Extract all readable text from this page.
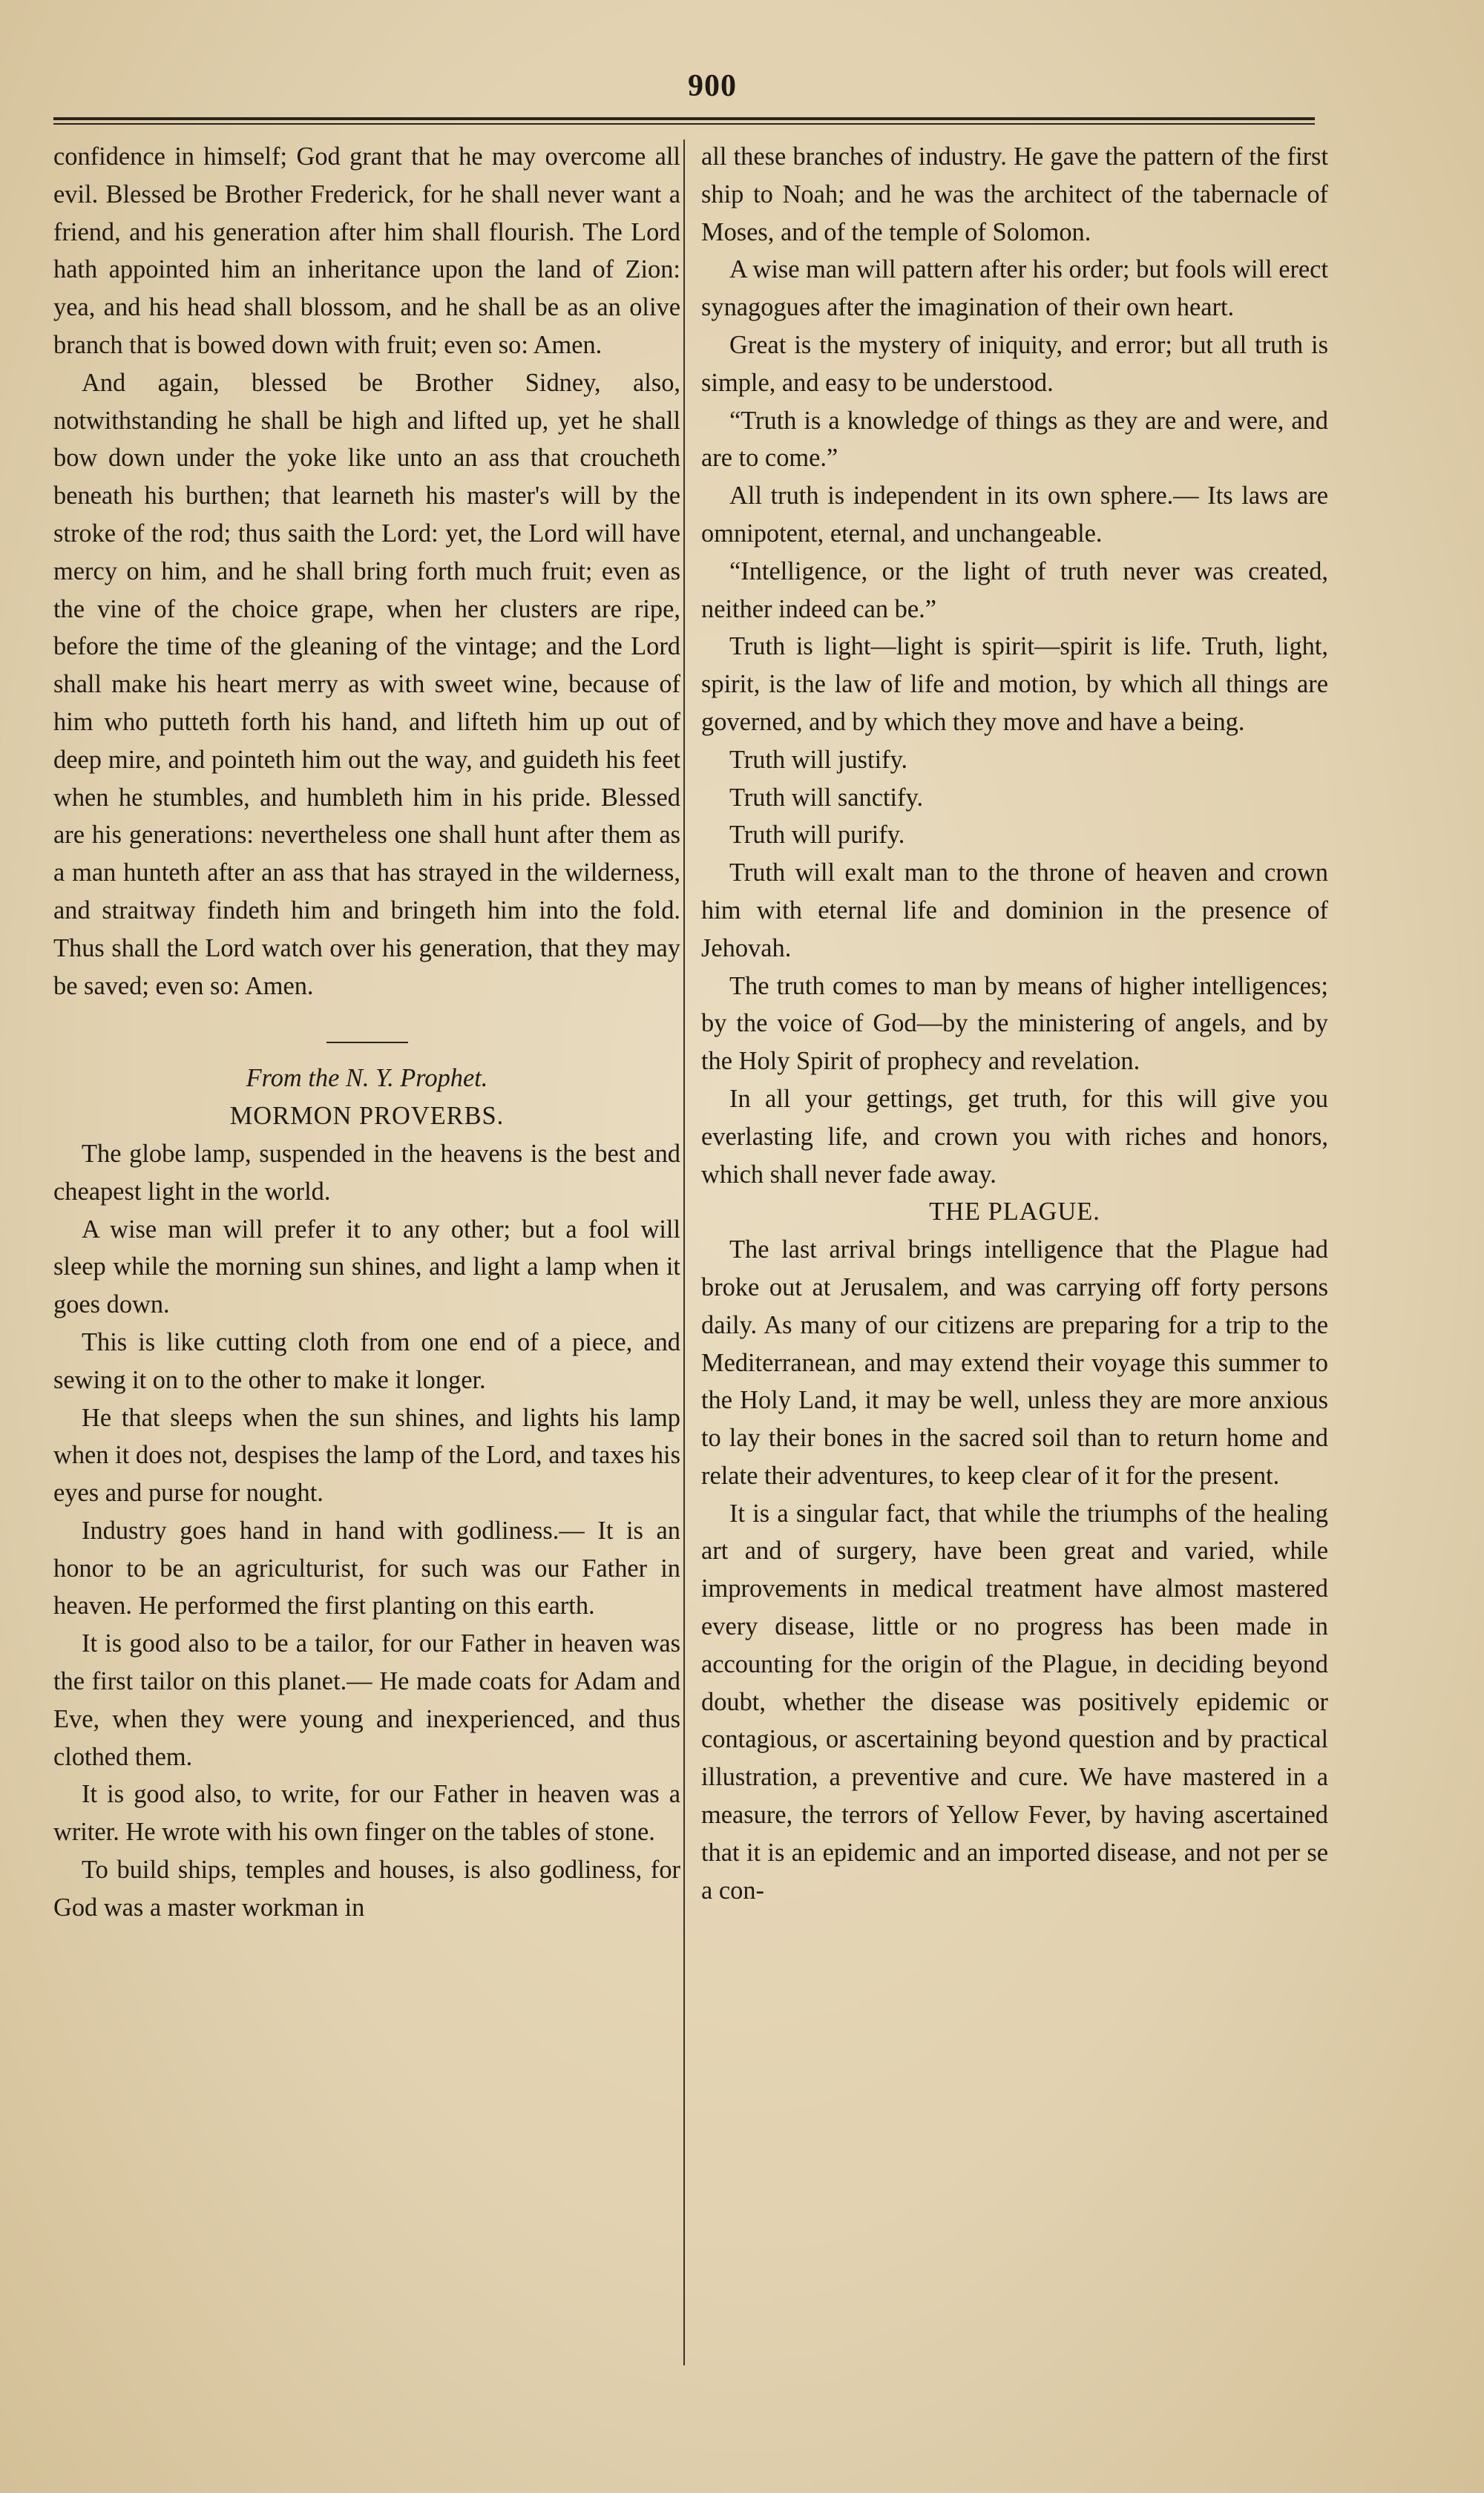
900

confidence in himself; God grant that he may overcome all evil. Blessed be Brother Frederick, for he shall never want a friend, and his generation after him shall flourish. The Lord hath appointed him an inheritance upon the land of Zion: yea, and his head shall blossom, and he shall be as an olive branch that is bowed down with fruit; even so: Amen.

And again, blessed be Brother Sidney, also, notwithstanding he shall be high and lifted up, yet he shall bow down under the yoke like unto an ass that croucheth beneath his burthen; that learneth his master's will by the stroke of the rod; thus saith the Lord: yet, the Lord will have mercy on him, and he shall bring forth much fruit; even as the vine of the choice grape, when her clusters are ripe, before the time of the gleaning of the vintage; and the Lord shall make his heart merry as with sweet wine, because of him who putteth forth his hand, and lifteth him up out of deep mire, and pointeth him out the way, and guideth his feet when he stumbles, and humbleth him in his pride. Blessed are his generations: nevertheless one shall hunt after them as a man hunteth after an ass that has strayed in the wilderness, and straitway findeth him and bringeth him into the fold. Thus shall the Lord watch over his generation, that they may be saved; even so: Amen.

From the N. Y. Prophet.

MORMON PROVERBS.

The globe lamp, suspended in the heavens is the best and cheapest light in the world.

A wise man will prefer it to any other; but a fool will sleep while the morning sun shines, and light a lamp when it goes down.

This is like cutting cloth from one end of a piece, and sewing it on to the other to make it longer.

He that sleeps when the sun shines, and lights his lamp when it does not, despises the lamp of the Lord, and taxes his eyes and purse for nought.

Industry goes hand in hand with godliness.— It is an honor to be an agriculturist, for such was our Father in heaven. He performed the first planting on this earth.

It is good also to be a tailor, for our Father in heaven was the first tailor on this planet.— He made coats for Adam and Eve, when they were young and inexperienced, and thus clothed them.

It is good also, to write, for our Father in heaven was a writer. He wrote with his own finger on the tables of stone.

To build ships, temples and houses, is also godliness, for God was a master workman in

all these branches of industry. He gave the pattern of the first ship to Noah; and he was the architect of the tabernacle of Moses, and of the temple of Solomon.

A wise man will pattern after his order; but fools will erect synagogues after the imagination of their own heart.

Great is the mystery of iniquity, and error; but all truth is simple, and easy to be understood.

“Truth is a knowledge of things as they are and were, and are to come.”

All truth is independent in its own sphere.— Its laws are omnipotent, eternal, and unchangeable.

“Intelligence, or the light of truth never was created, neither indeed can be.”

Truth is light—light is spirit—spirit is life. Truth, light, spirit, is the law of life and motion, by which all things are governed, and by which they move and have a being.

Truth will justify.

Truth will sanctify.

Truth will purify.

Truth will exalt man to the throne of heaven and crown him with eternal life and dominion in the presence of Jehovah.

The truth comes to man by means of higher intelligences; by the voice of God—by the ministering of angels, and by the Holy Spirit of prophecy and revelation.

In all your gettings, get truth, for this will give you everlasting life, and crown you with riches and honors, which shall never fade away.

THE PLAGUE.

The last arrival brings intelligence that the Plague had broke out at Jerusalem, and was carrying off forty persons daily. As many of our citizens are preparing for a trip to the Mediterranean, and may extend their voyage this summer to the Holy Land, it may be well, unless they are more anxious to lay their bones in the sacred soil than to return home and relate their adventures, to keep clear of it for the present.

It is a singular fact, that while the triumphs of the healing art and of surgery, have been great and varied, while improvements in medical treatment have almost mastered every disease, little or no progress has been made in accounting for the origin of the Plague, in deciding beyond doubt, whether the disease was positively epidemic or contagious, or ascertaining beyond question and by practical illustration, a preventive and cure. We have mastered in a measure, the terrors of Yellow Fever, by having ascertained that it is an epidemic and an imported disease, and not per se a con-
